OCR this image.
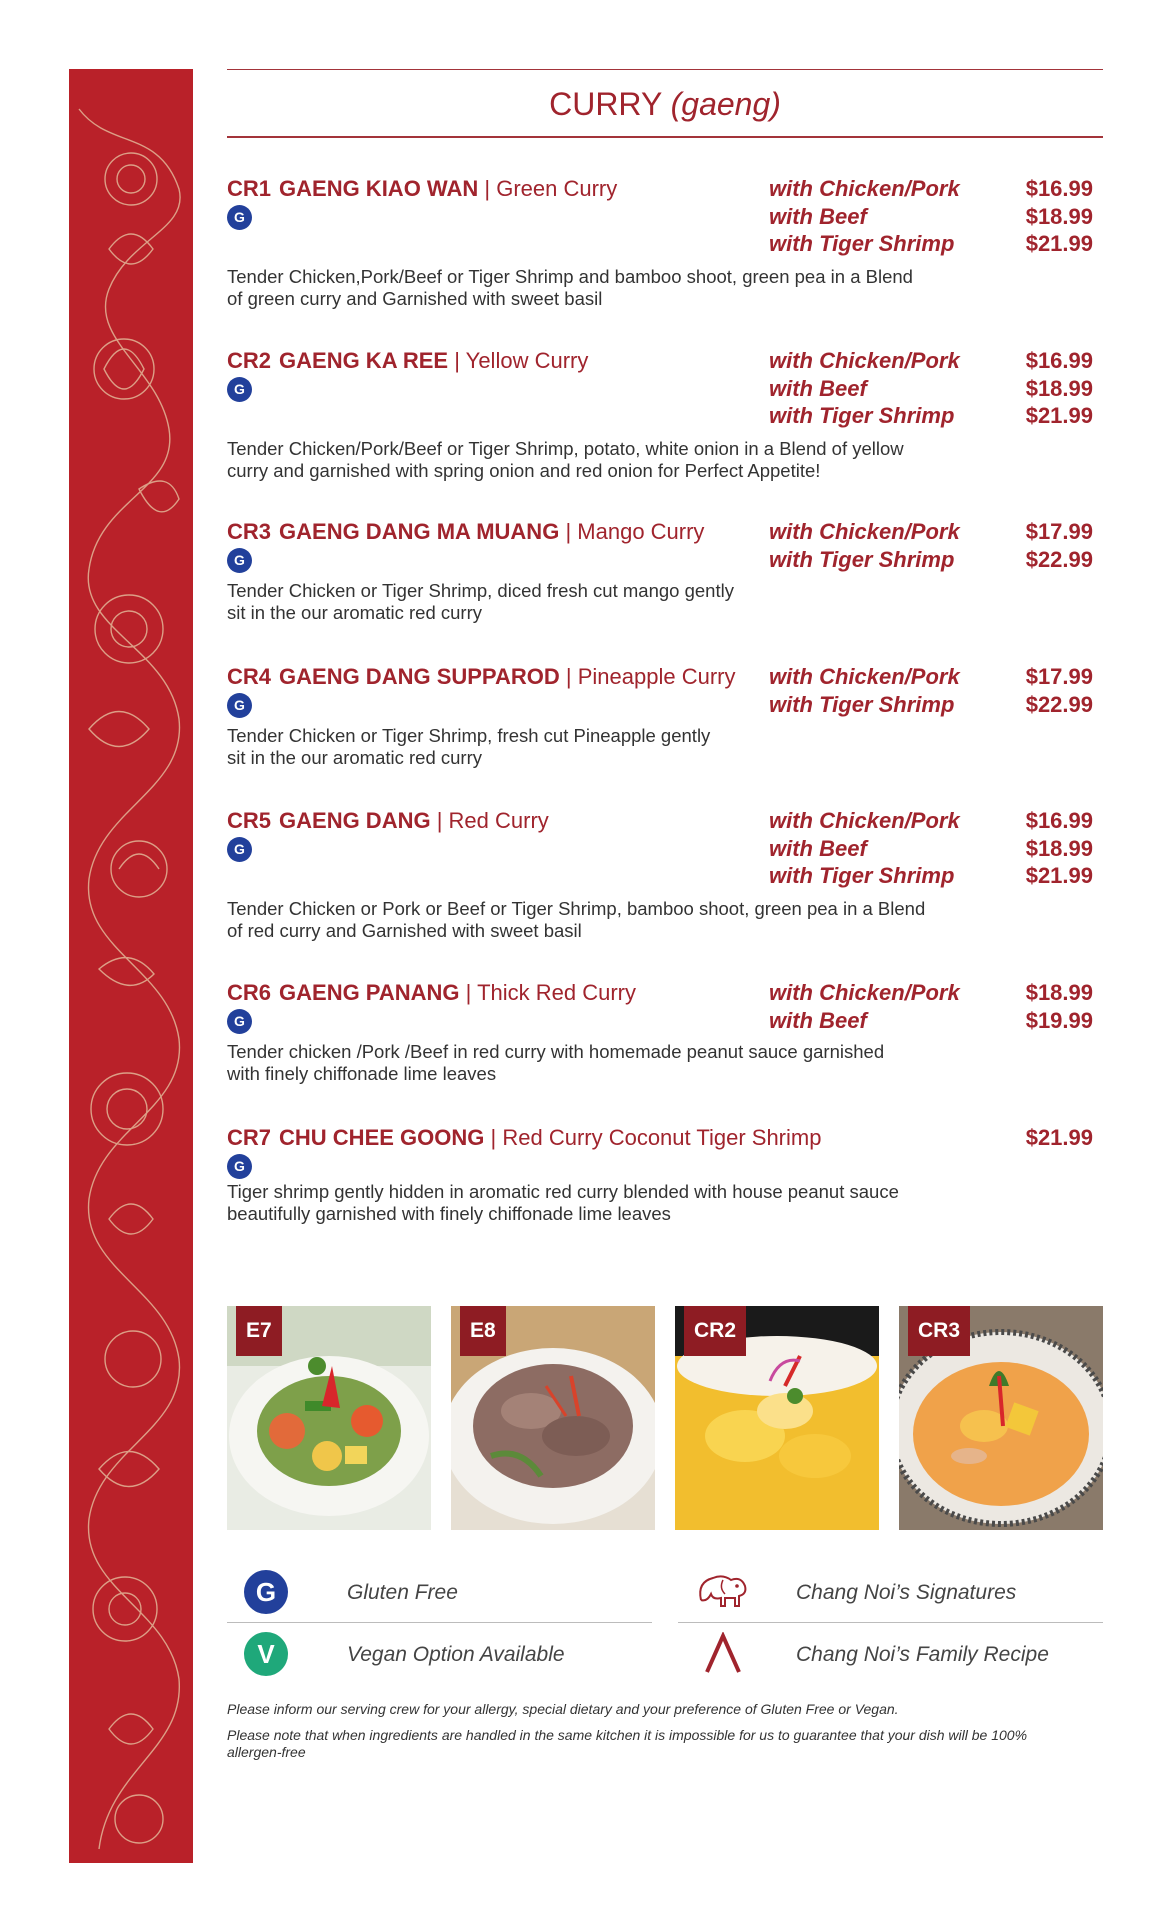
CURRY (gaeng)
CR1 GAENG KIAO WAN | Green Curry
G
with Chicken/Pork	$16.99
with Beef	$18.99
with Tiger Shrimp	$21.99
Tender Chicken,Pork/Beef or Tiger Shrimp and bamboo shoot, green pea in a Blend
of green curry and Garnished with sweet basil
CR2 GAENG KA REE | Yellow Curry
G
with Chicken/Pork	$16.99
with Beef	$18.99
with Tiger Shrimp	$21.99
Tender Chicken/Pork/Beef or Tiger Shrimp, potato, white onion in a Blend of yellow
curry and garnished with spring onion and red onion for Perfect Appetite!
CR3 GAENG DANG MA MUANG | Mango Curry
G
with Chicken/Pork	$17.99
with Tiger Shrimp	$22.99
Tender Chicken or Tiger Shrimp, diced fresh cut mango gently
sit in the our aromatic red curry
CR4 GAENG DANG SUPPAROD | Pineapple Curry
G
with Chicken/Pork	$17.99
with Tiger Shrimp	$22.99
Tender Chicken or Tiger Shrimp, fresh cut Pineapple gently
sit in the our aromatic red curry
CR5 GAENG DANG | Red Curry
G
with Chicken/Pork	$16.99
with Beef	$18.99
with Tiger Shrimp	$21.99
Tender Chicken or Pork or Beef or Tiger Shrimp, bamboo shoot, green pea in a Blend
of red curry and Garnished with sweet basil
CR6 GAENG PANANG | Thick Red Curry
G
with Chicken/Pork	$18.99
with Beef	$19.99
Tender chicken /Pork /Beef in red curry with homemade peanut sauce garnished
with finely chiffonade lime leaves
CR7 CHU CHEE GOONG | Red Curry Coconut Tiger Shrimp
G
$21.99
Tiger shrimp gently hidden in aromatic red curry blended with house peanut sauce
beautifully garnished with finely chiffonade lime leaves
E7	E8	CR2	CR3
G	Gluten Free	Chang Noi’s Signatures
V	Vegan Option Available	Chang Noi’s Family Recipe
Please inform our serving crew for your allergy, special dietary and your preference of Gluten Free or Vegan.
Please note that when ingredients are handled in the same kitchen it is impossible for us to guarantee that your dish will be 100%
allergen-free
